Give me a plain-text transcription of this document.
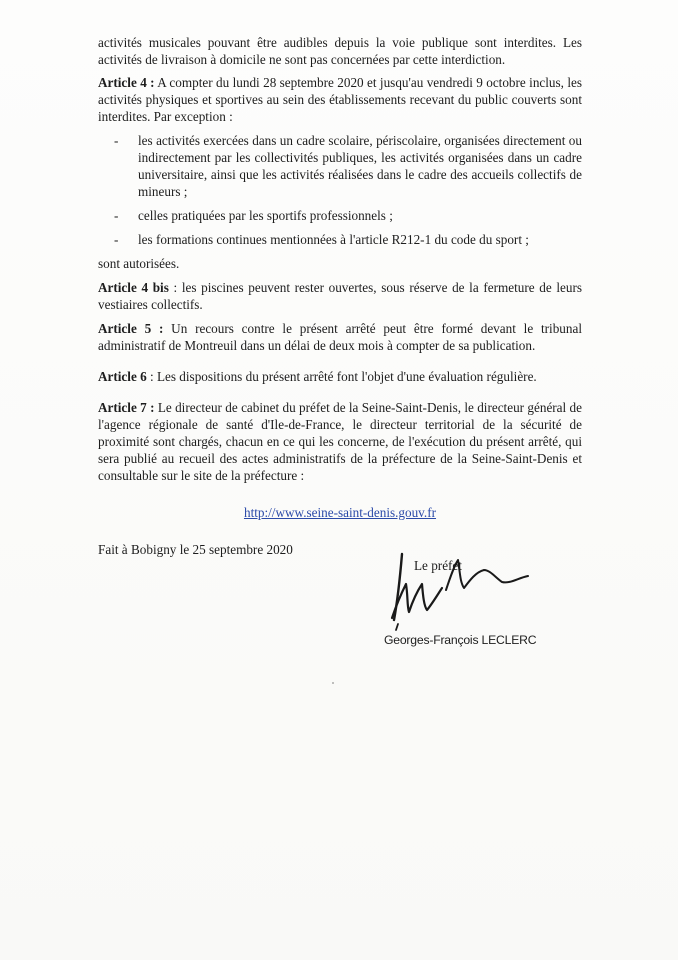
activités musicales pouvant être audibles depuis la voie publique sont interdites. Les activités de livraison à domicile ne sont pas concernées par cette interdiction.

Article 4 : A compter du lundi 28 septembre 2020 et jusqu'au vendredi 9 octobre inclus, les activités physiques et sportives au sein des établissements recevant du public couverts sont interdites. Par exception :

- les activités exercées dans un cadre scolaire, périscolaire, organisées directement ou indirectement par les collectivités publiques, les activités organisées dans un cadre universitaire, ainsi que les activités réalisées dans le cadre des accueils collectifs de mineurs ;
- celles pratiquées par les sportifs professionnels ;
- les formations continues mentionnées à l'article R212-1 du code du sport ;

sont autorisées.

Article 4 bis : les piscines peuvent rester ouvertes, sous réserve de la fermeture de leurs vestiaires collectifs.

Article 5 : Un recours contre le présent arrêté peut être formé devant le tribunal administratif de Montreuil dans un délai de deux mois à compter de sa publication.

Article 6 : Les dispositions du présent arrêté font l'objet d'une évaluation régulière.

Article 7 : Le directeur de cabinet du préfet de la Seine-Saint-Denis, le directeur général de l'agence régionale de santé d'Ile-de-France, le directeur territorial de la sécurité de proximité sont chargés, chacun en ce qui les concerne, de l'exécution du présent arrêté, qui sera publié au recueil des actes administratifs de la préfecture de la Seine-Saint-Denis et consultable sur le site de la préfecture :

http://www.seine-saint-denis.gouv.fr

Fait à Bobigny le 25 septembre 2020

Le préfet
Georges-François LECLERC
